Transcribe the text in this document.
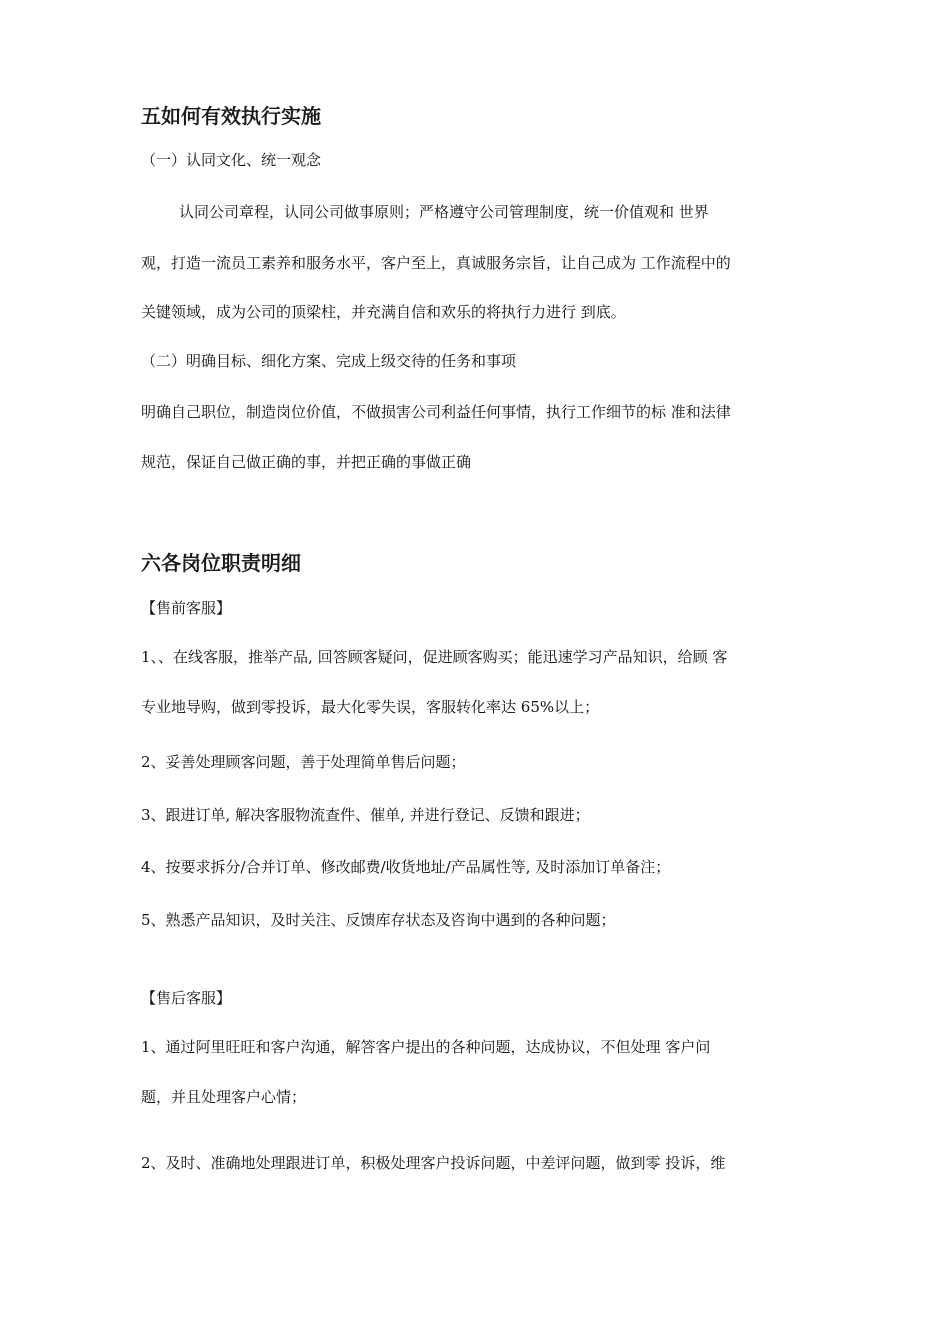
五如何有效执行实施

（一）认同文化、统一观念

认同公司章程，认同公司做事原则；严格遵守公司管理制度，统一价值观和 世界

观，打造一流员工素养和服务水平，客户至上，真诚服务宗旨，让自己成为 工作流程中的

关键领域，成为公司的顶梁柱，并充满自信和欢乐的将执行力进行 到底。

（二）明确目标、细化方案、完成上级交待的任务和事项

明确自己职位，制造岗位价值，不做损害公司利益任何事情，执行工作细节的标 准和法律

规范，保证自己做正确的事，并把正确的事做正确

六各岗位职责明细

【售前客服】

1、、在线客服，推举产品, 回答顾客疑问，促进顾客购买；能迅速学习产品知识，给顾 客

专业地导购，做到零投诉，最大化零失误，客服转化率达 65%以上；

2、妥善处理顾客问题，善于处理简单售后问题；

3、跟进订单, 解决客服物流查件、催单, 并进行登记、反馈和跟进；

4、按要求拆分/合并订单、修改邮费/收货地址/产品属性等, 及时添加订单备注；

5、熟悉产品知识，及时关注、反馈库存状态及咨询中遇到的各种问题；

【售后客服】

1、通过阿里旺旺和客户沟通，解答客户提出的各种问题，达成协议，不但处理 客户问

题，并且处理客户心情；

2、及时、准确地处理跟进订单，积极处理客户投诉问题，中差评问题，做到零 投诉，维
